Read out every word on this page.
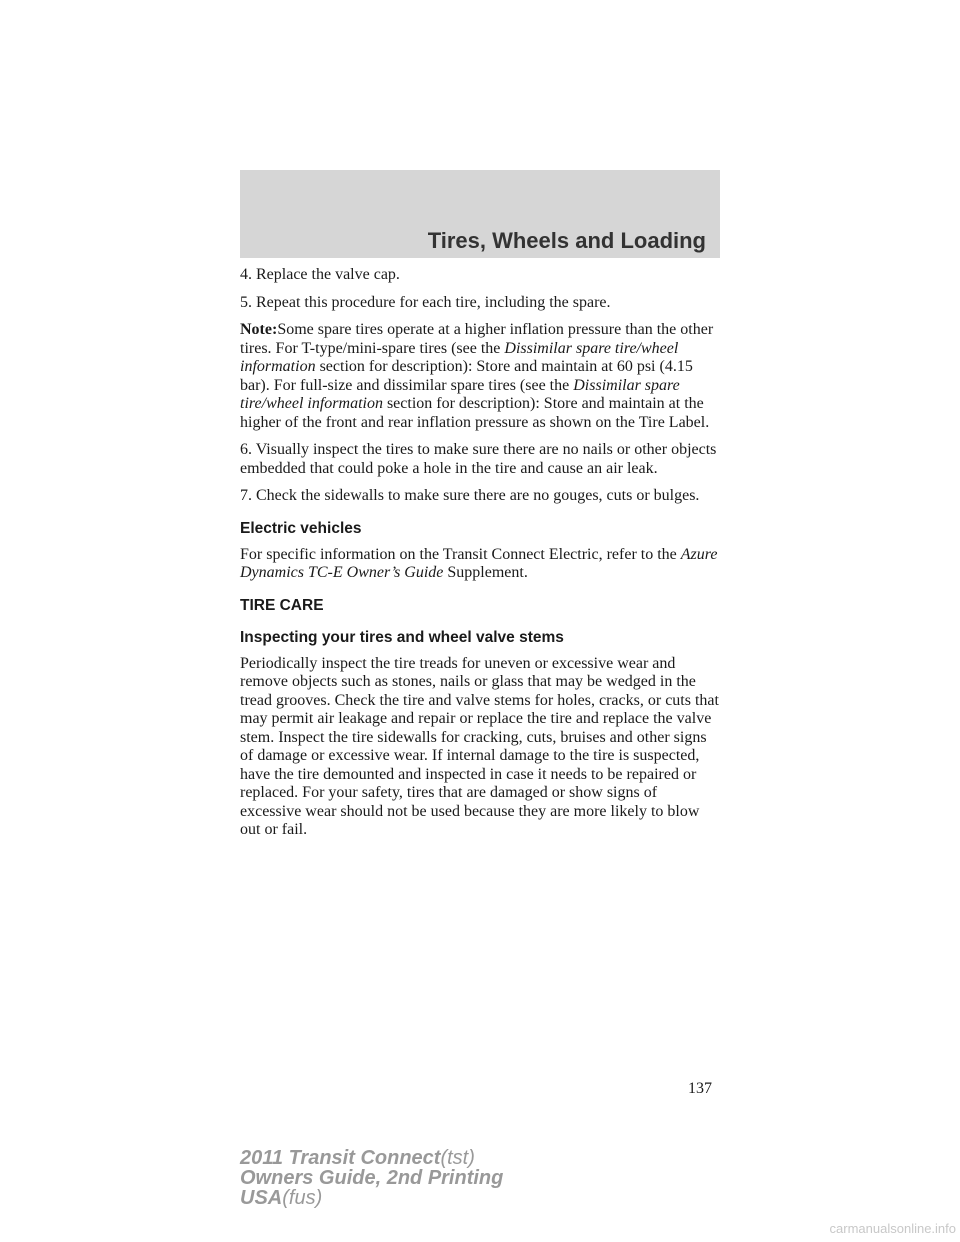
Tires, Wheels and Loading

4. Replace the valve cap.

5. Repeat this procedure for each tire, including the spare.

Note:Some spare tires operate at a higher inflation pressure than the other tires. For T-type/mini-spare tires (see the Dissimilar spare tire/wheel information section for description): Store and maintain at 60 psi (4.15 bar). For full-size and dissimilar spare tires (see the Dissimilar spare tire/wheel information section for description): Store and maintain at the higher of the front and rear inflation pressure as shown on the Tire Label.

6. Visually inspect the tires to make sure there are no nails or other objects embedded that could poke a hole in the tire and cause an air leak.

7. Check the sidewalls to make sure there are no gouges, cuts or bulges.

Electric vehicles

For specific information on the Transit Connect Electric, refer to the Azure Dynamics TC-E Owner’s Guide Supplement.

TIRE CARE
Inspecting your tires and wheel valve stems

Periodically inspect the tire treads for uneven or excessive wear and remove objects such as stones, nails or glass that may be wedged in the tread grooves. Check the tire and valve stems for holes, cracks, or cuts that may permit air leakage and repair or replace the tire and replace the valve stem. Inspect the tire sidewalls for cracking, cuts, bruises and other signs of damage or excessive wear. If internal damage to the tire is suspected, have the tire demounted and inspected in case it needs to be repaired or replaced. For your safety, tires that are damaged or show signs of excessive wear should not be used because they are more likely to blow out or fail.

137
2011 Transit Connect(tst)
Owners Guide, 2nd Printing
USA(fus)
carmanualsonline.info
